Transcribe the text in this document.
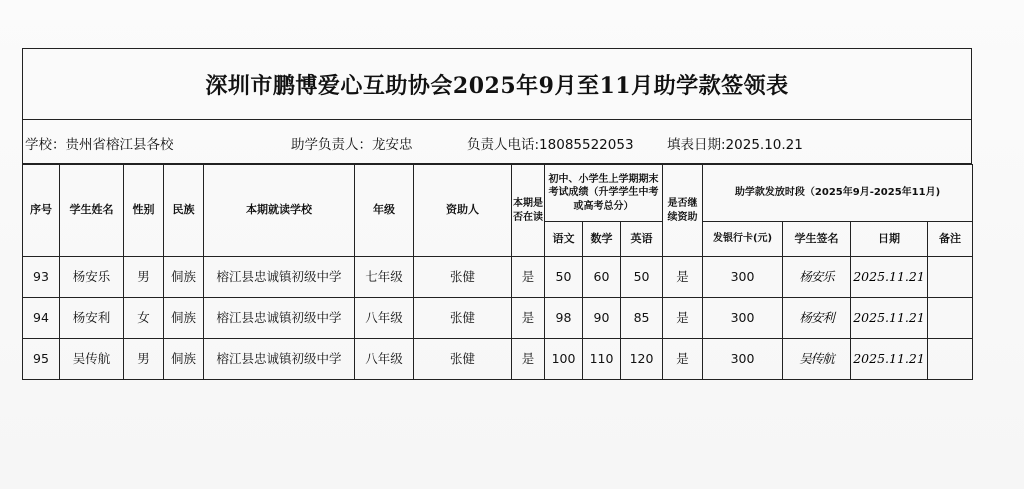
深圳市鹏博爱心互助协会2025年9月至11月助学款签领表
学校：贵州省榕江县各校	助学负责人：龙安忠	负责人电话:18085522053 填表日期:2025.10.21
序号	学生姓名	性别	民族	本期就读学校	年级	资助人	本期是否在读	初中、小学生上学期期末考试成绩（升学学生中考或高考总分）			是否继续资助	助学款发放时段（2025年9月-2025年11月)			
								语文	数学	英语		发银行卡(元)	学生签名	日期	备注
93	杨安乐	男	侗族	榕江县忠诚镇初级中学	七年级	张健	是	50	60	50	是	300	杨安乐	2025.11.21	
94	杨安利	女	侗族	榕江县忠诚镇初级中学	八年级	张健	是	98	90	85	是	300	杨安利	2025.11.21	
95	吴传航	男	侗族	榕江县忠诚镇初级中学	八年级	张健	是	100	110	120	是	300	吴传航	2025.11.21	
